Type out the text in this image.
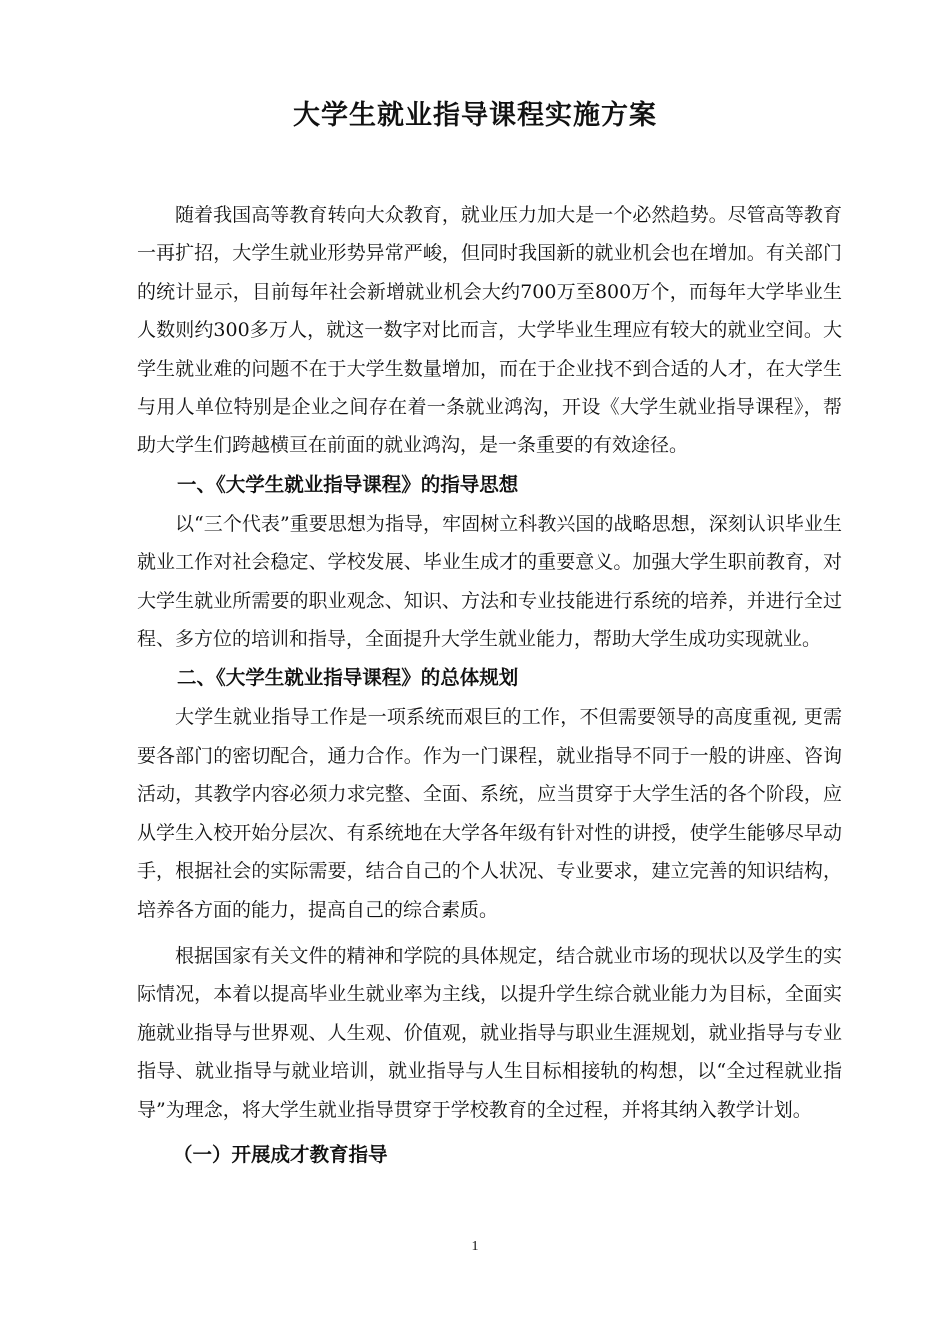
大学生就业指导课程实施方案

随着我国高等教育转向大众教育，就业压力加大是一个必然趋势。尽管高等教育一再扩招，大学生就业形势异常严峻，但同时我国新的就业机会也在增加。有关部门的统计显示，目前每年社会新增就业机会大约700万至800万个，而每年大学毕业生人数则约300多万人，就这一数字对比而言，大学毕业生理应有较大的就业空间。大学生就业难的问题不在于大学生数量增加，而在于企业找不到合适的人才，在大学生与用人单位特别是企业之间存在着一条就业鸿沟，开设《大学生就业指导课程》，帮助大学生们跨越横亘在前面的就业鸿沟，是一条重要的有效途径。

一、《大学生就业指导课程》的指导思想

以“三个代表”重要思想为指导，牢固树立科教兴国的战略思想，深刻认识毕业生就业工作对社会稳定、学校发展、毕业生成才的重要意义。加强大学生职前教育，对大学生就业所需要的职业观念、知识、方法和专业技能进行系统的培养，并进行全过程、多方位的培训和指导，全面提升大学生就业能力，帮助大学生成功实现就业。

二、《大学生就业指导课程》的总体规划

大学生就业指导工作是一项系统而艰巨的工作，不但需要领导的高度重视, 更需要各部门的密切配合，通力合作。作为一门课程，就业指导不同于一般的讲座、咨询活动，其教学内容必须力求完整、全面、系统，应当贯穿于大学生活的各个阶段，应从学生入校开始分层次、有系统地在大学各年级有针对性的讲授，使学生能够尽早动手，根据社会的实际需要，结合自己的个人状况、专业要求，建立完善的知识结构，培养各方面的能力，提高自己的综合素质。

根据国家有关文件的精神和学院的具体规定，结合就业市场的现状以及学生的实际情况，本着以提高毕业生就业率为主线，以提升学生综合就业能力为目标，全面实施就业指导与世界观、人生观、价值观，就业指导与职业生涯规划，就业指导与专业指导、就业指导与就业培训，就业指导与人生目标相接轨的构想，以“全过程就业指导”为理念，将大学生就业指导贯穿于学校教育的全过程，并将其纳入教学计划。

（一）开展成才教育指导
1
